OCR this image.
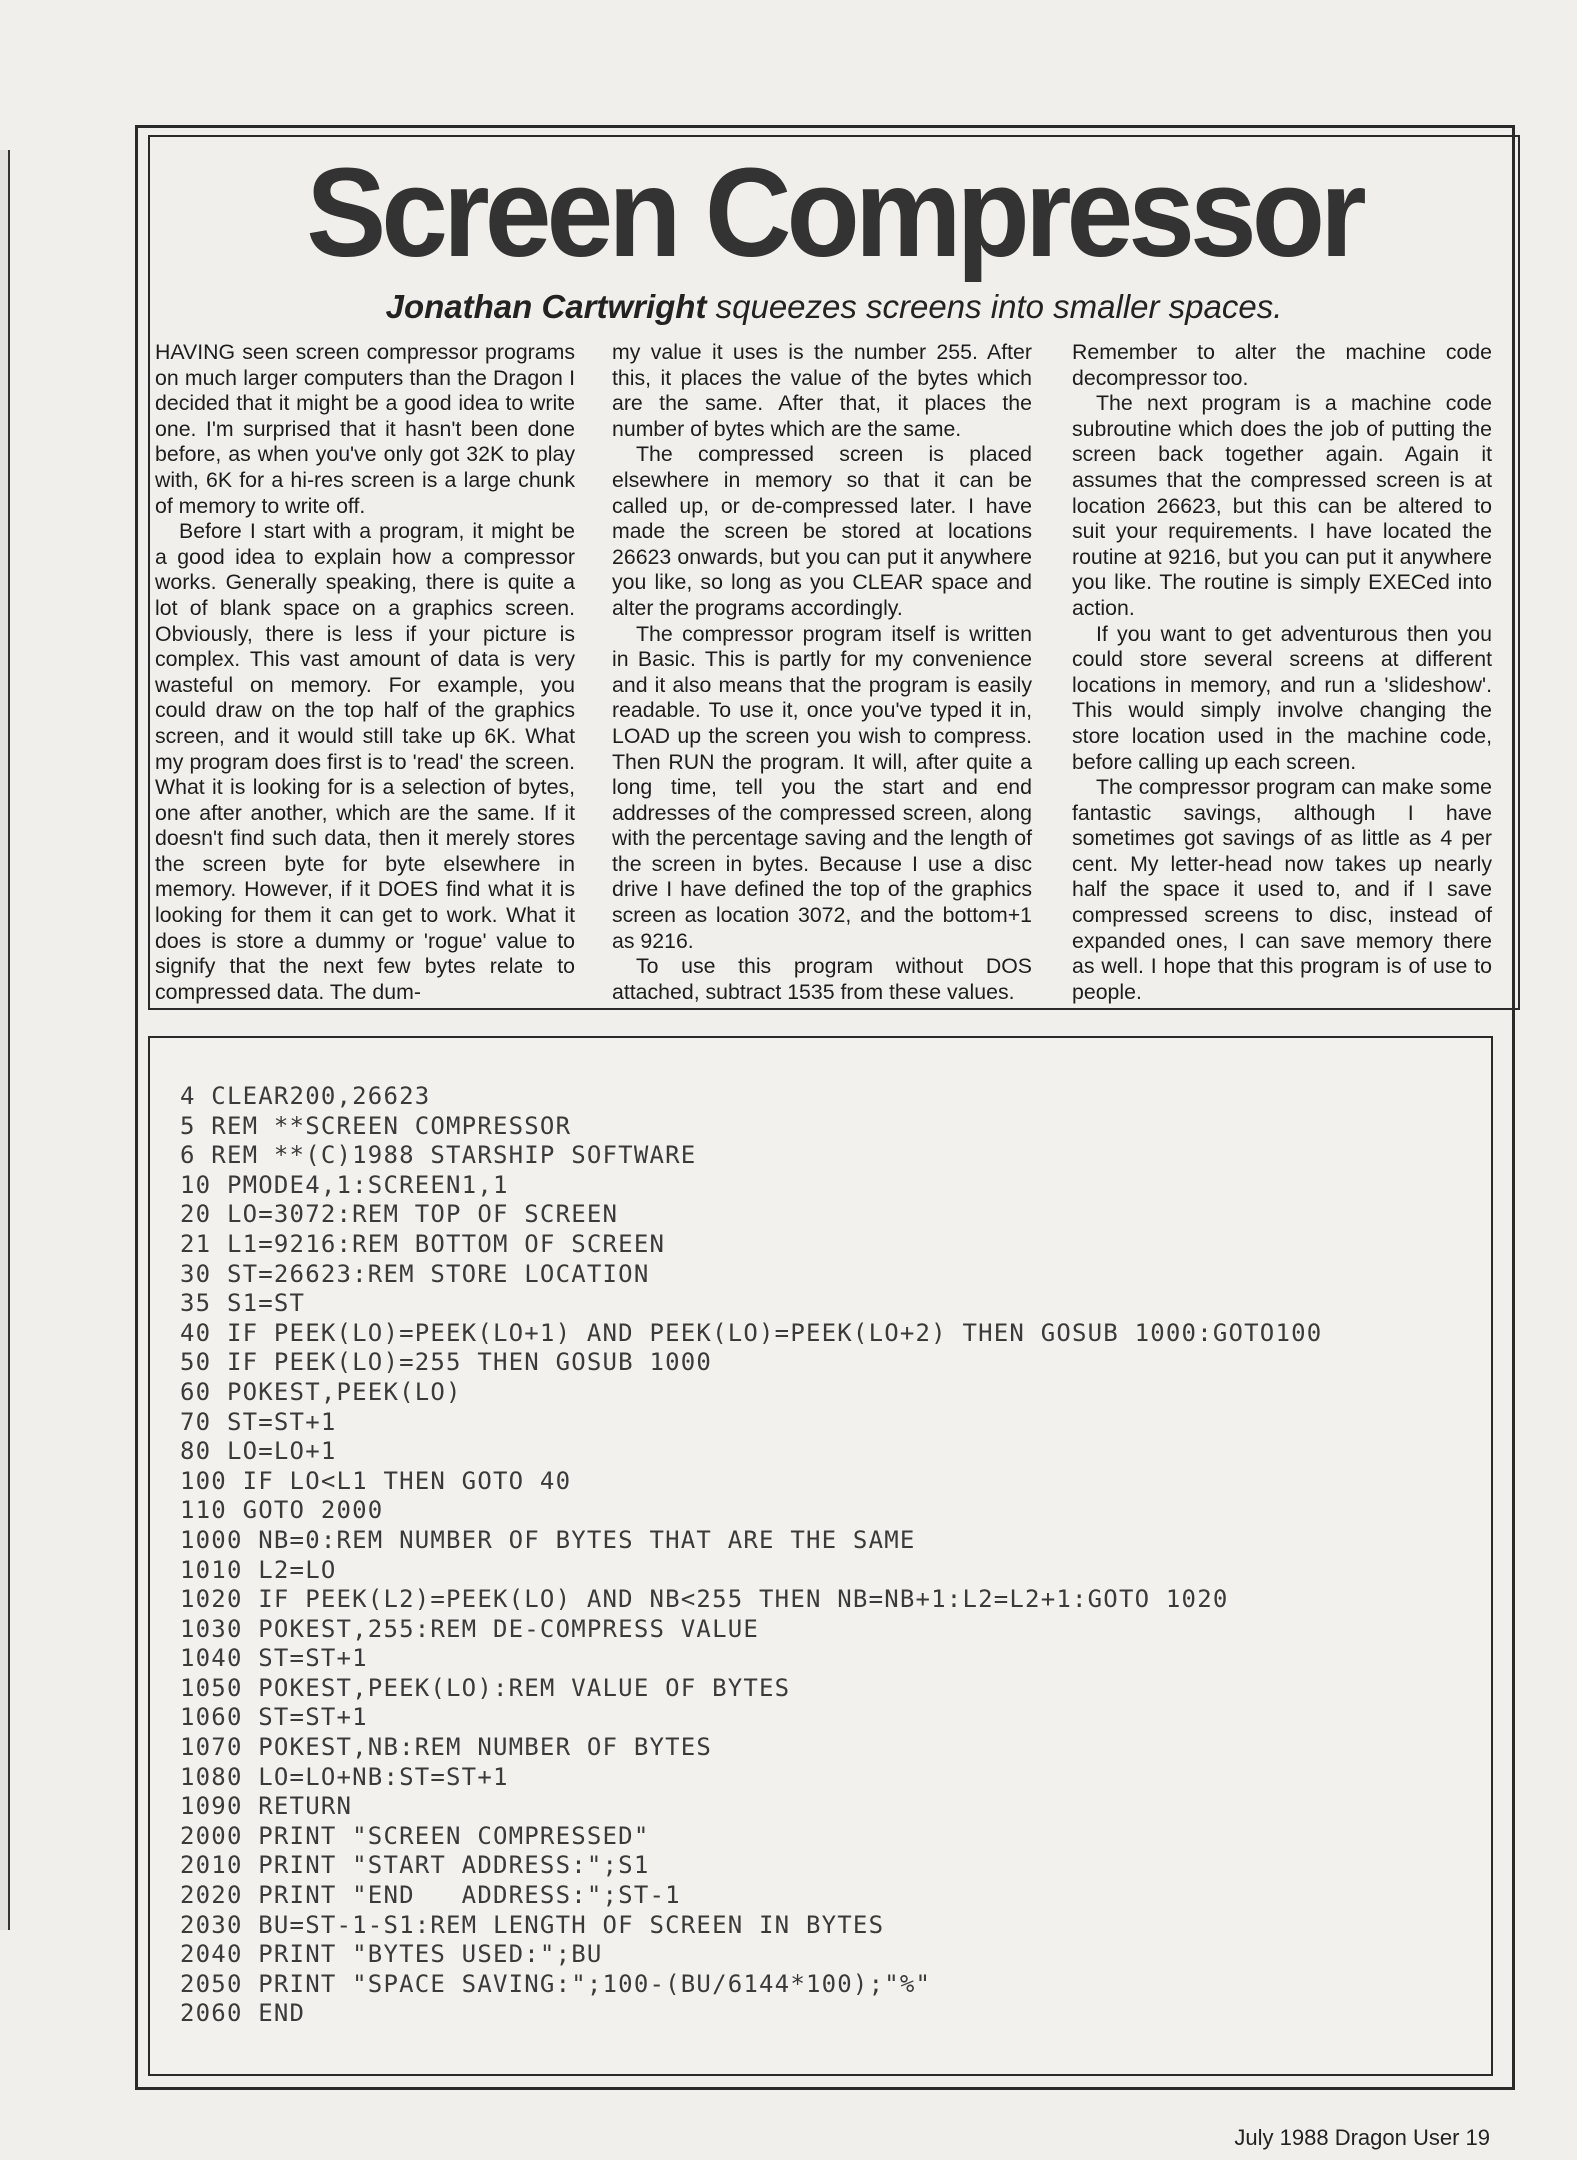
Screen Compressor
Jonathan Cartwright squeezes screens into smaller spaces.

HAVING seen screen compressor programs on much larger computers than the Dragon I decided that it might be a good idea to write one. I'm surprised that it hasn't been done before, as when you've only got 32K to play with, 6K for a hi-res screen is a large chunk of memory to write off.

Before I start with a program, it might be a good idea to explain how a compressor works. Generally speaking, there is quite a lot of blank space on a graphics screen. Obviously, there is less if your picture is complex. This vast amount of data is very wasteful on memory. For example, you could draw on the top half of the graphics screen, and it would still take up 6K. What my program does first is to 'read' the screen. What it is looking for is a selection of bytes, one after another, which are the same. If it doesn't find such data, then it merely stores the screen byte for byte elsewhere in memory. However, if it DOES find what it is looking for them it can get to work. What it does is store a dummy or 'rogue' value to signify that the next few bytes relate to compressed data. The dum-

my value it uses is the number 255. After this, it places the value of the bytes which are the same. After that, it places the number of bytes which are the same.

The compressed screen is placed elsewhere in memory so that it can be called up, or de-compressed later. I have made the screen be stored at locations 26623 onwards, but you can put it anywhere you like, so long as you CLEAR space and alter the programs accordingly.

The compressor program itself is written in Basic. This is partly for my convenience and it also means that the program is easily readable. To use it, once you've typed it in, LOAD up the screen you wish to compress. Then RUN the program. It will, after quite a long time, tell you the start and end addresses of the compressed screen, along with the percentage saving and the length of the screen in bytes. Because I use a disc drive I have defined the top of the graphics screen as location 3072, and the bottom+1 as 9216.

To use this program without DOS attached, subtract 1535 from these values.

Remember to alter the machine code decompressor too.

The next program is a machine code subroutine which does the job of putting the screen back together again. Again it assumes that the compressed screen is at location 26623, but this can be altered to suit your requirements. I have located the routine at 9216, but you can put it anywhere you like. The routine is simply EXECed into action.

If you want to get adventurous then you could store several screens at different locations in memory, and run a 'slideshow'. This would simply involve changing the store location used in the machine code, before calling up each screen.

The compressor program can make some fantastic savings, although I have sometimes got savings of as little as 4 per cent. My letter-head now takes up nearly half the space it used to, and if I save compressed screens to disc, instead of expanded ones, I can save memory there as well. I hope that this program is of use to people.

4 CLEAR200,26623
5 REM **SCREEN COMPRESSOR
6 REM **(C)1988 STARSHIP SOFTWARE
10 PMODE4,1:SCREEN1,1
20 LO=3072:REM TOP OF SCREEN
21 L1=9216:REM BOTTOM OF SCREEN
30 ST=26623:REM STORE LOCATION
35 S1=ST
40 IF PEEK(LO)=PEEK(LO+1) AND PEEK(LO)=PEEK(LO+2) THEN GOSUB 1000:GOTO100
50 IF PEEK(LO)=255 THEN GOSUB 1000
60 POKEST,PEEK(LO)
70 ST=ST+1
80 LO=LO+1
100 IF LO<L1 THEN GOTO 40
110 GOTO 2000
1000 NB=0:REM NUMBER OF BYTES THAT ARE THE SAME
1010 L2=LO
1020 IF PEEK(L2)=PEEK(LO) AND NB<255 THEN NB=NB+1:L2=L2+1:GOTO 1020
1030 POKEST,255:REM DE-COMPRESS VALUE
1040 ST=ST+1
1050 POKEST,PEEK(LO):REM VALUE OF BYTES
1060 ST=ST+1
1070 POKEST,NB:REM NUMBER OF BYTES
1080 LO=LO+NB:ST=ST+1
1090 RETURN
2000 PRINT "SCREEN COMPRESSED"
2010 PRINT "START ADDRESS:";S1
2020 PRINT "END   ADDRESS:";ST-1
2030 BU=ST-1-S1:REM LENGTH OF SCREEN IN BYTES
2040 PRINT "BYTES USED:";BU
2050 PRINT "SPACE SAVING:";100-(BU/6144*100);"%"
2060 END
July 1988 Dragon User 19
